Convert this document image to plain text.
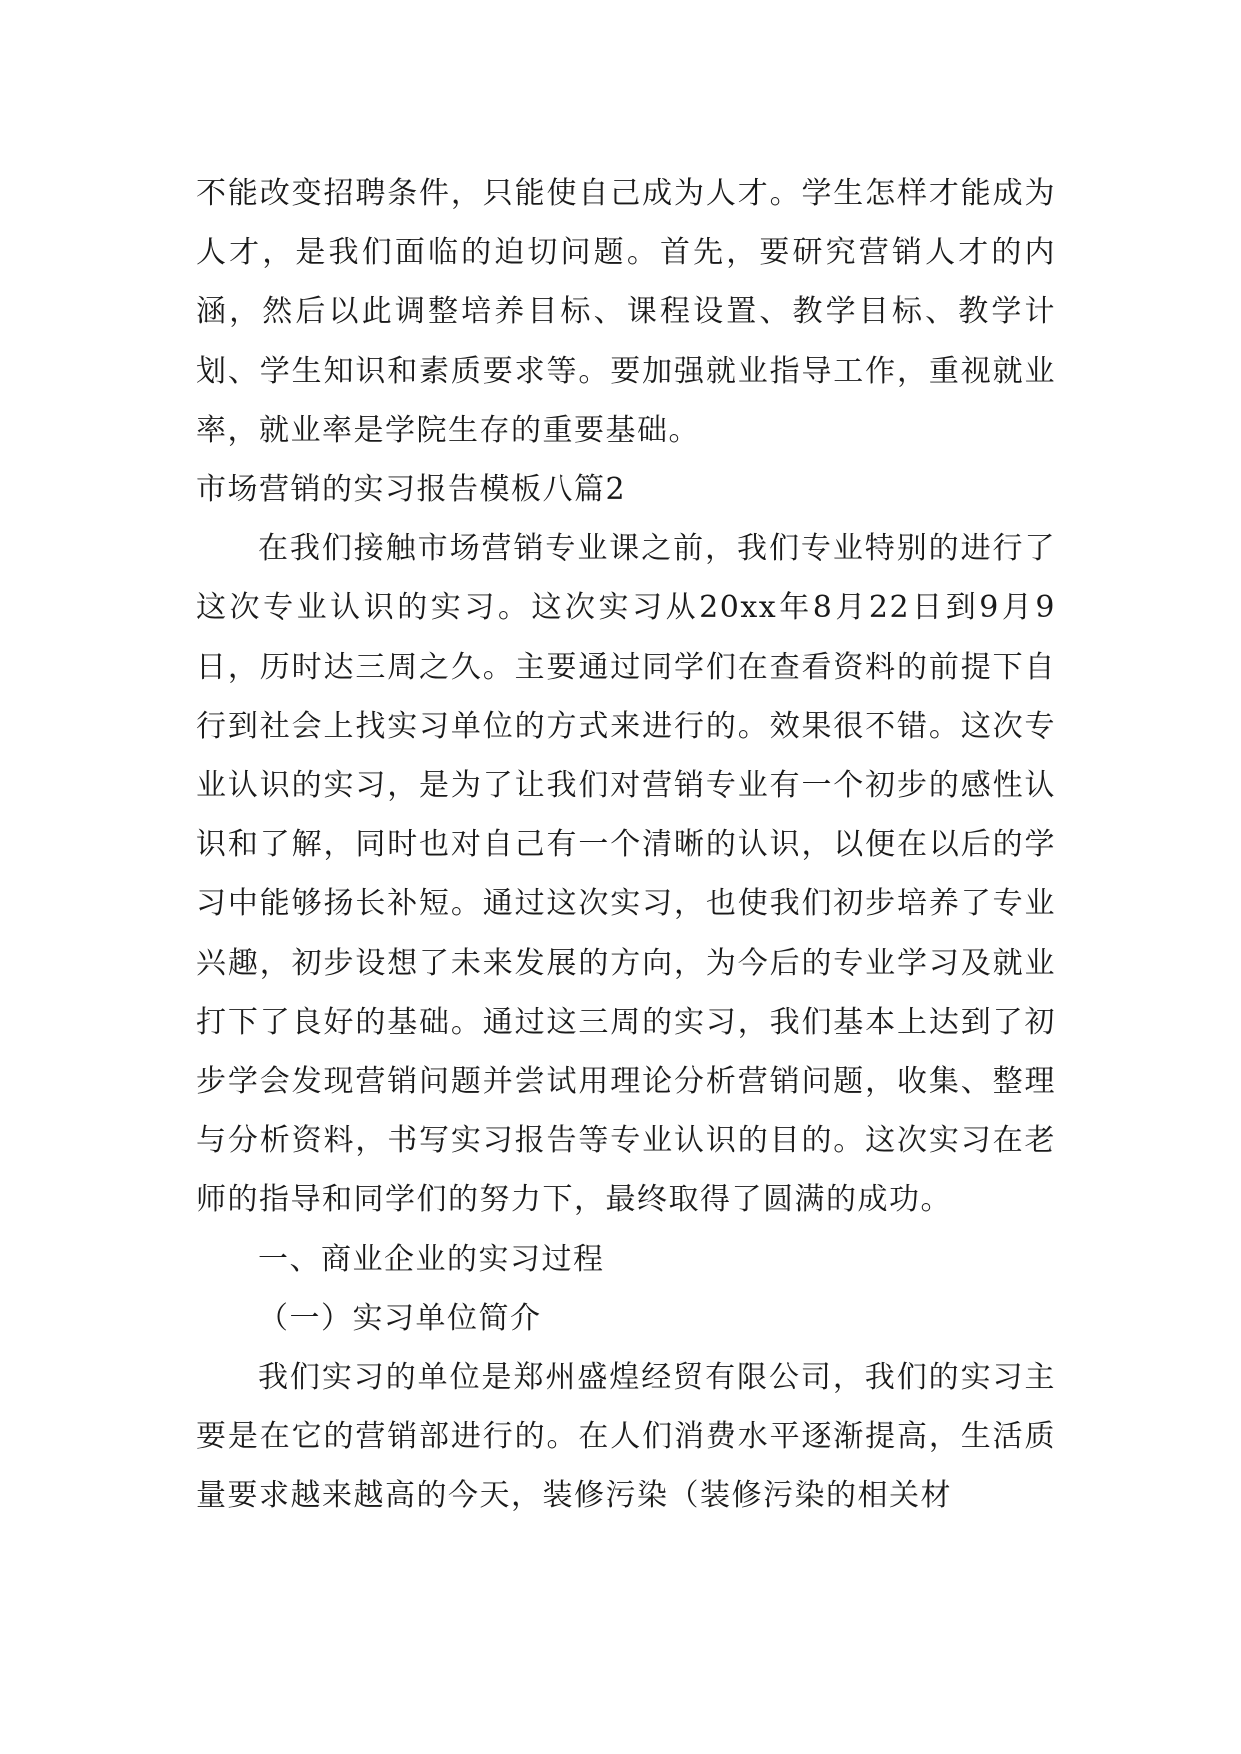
不能改变招聘条件，只能使自己成为人才。学生怎样才能成为人才，是我们面临的迫切问题。首先，要研究营销人才的内涵，然后以此调整培养目标、课程设置、教学目标、教学计划、学生知识和素质要求等。要加强就业指导工作，重视就业率，就业率是学院生存的重要基础。

市场营销的实习报告模板八篇2

在我们接触市场营销专业课之前，我们专业特别的进行了这次专业认识的实习。这次实习从20xx年8月22日到9月9日，历时达三周之久。主要通过同学们在查看资料的前提下自行到社会上找实习单位的方式来进行的。效果很不错。这次专业认识的实习，是为了让我们对营销专业有一个初步的感性认识和了解，同时也对自己有一个清晰的认识，以便在以后的学习中能够扬长补短。通过这次实习，也使我们初步培养了专业兴趣，初步设想了未来发展的方向，为今后的专业学习及就业打下了良好的基础。通过这三周的实习，我们基本上达到了初步学会发现营销问题并尝试用理论分析营销问题，收集、整理与分析资料，书写实习报告等专业认识的目的。这次实习在老师的指导和同学们的努力下，最终取得了圆满的成功。

一、商业企业的实习过程

（一）实习单位简介

我们实习的单位是郑州盛煌经贸有限公司，我们的实习主要是在它的营销部进行的。在人们消费水平逐渐提高，生活质量要求越来越高的今天，装修污染（装修污染的相关材
